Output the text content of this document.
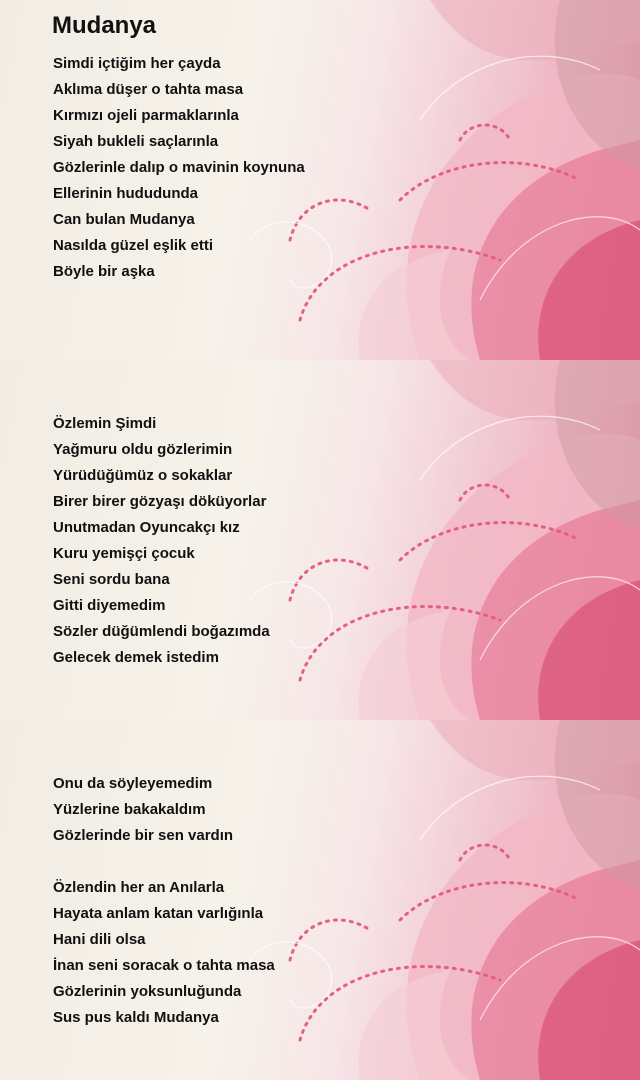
Mudanya
Simdi içtiğim her çayda
Aklıma düşer o tahta masa
Kırmızı ojeli parmaklarınla
Siyah bukleli saçlarınla
Gözlerinle dalıp o mavinin koynuna
Ellerinin hududunda
Can bulan Mudanya
Nasılda güzel eşlik etti
Böyle bir aşka
Özlemin Şimdi
Yağmuru oldu gözlerimin
Yürüdüğümüz o sokaklar
Birer birer gözyaşı döküyorlar
Unutmadan Oyuncakçı kız
Kuru yemişçi çocuk
Seni sordu bana
Gitti diyemedim
Sözler düğümlendi boğazımda
Gelecek demek istedim
Onu da söyleyemedim
Yüzlerine bakakaldım
Gözlerinde bir sen vardın
Özlendin her an Anılarla
Hayata anlam katan varlığınla
Hani dili olsa
İnan seni soracak o tahta masa
Gözlerinin yoksunluğunda
Sus pus kaldı Mudanya
